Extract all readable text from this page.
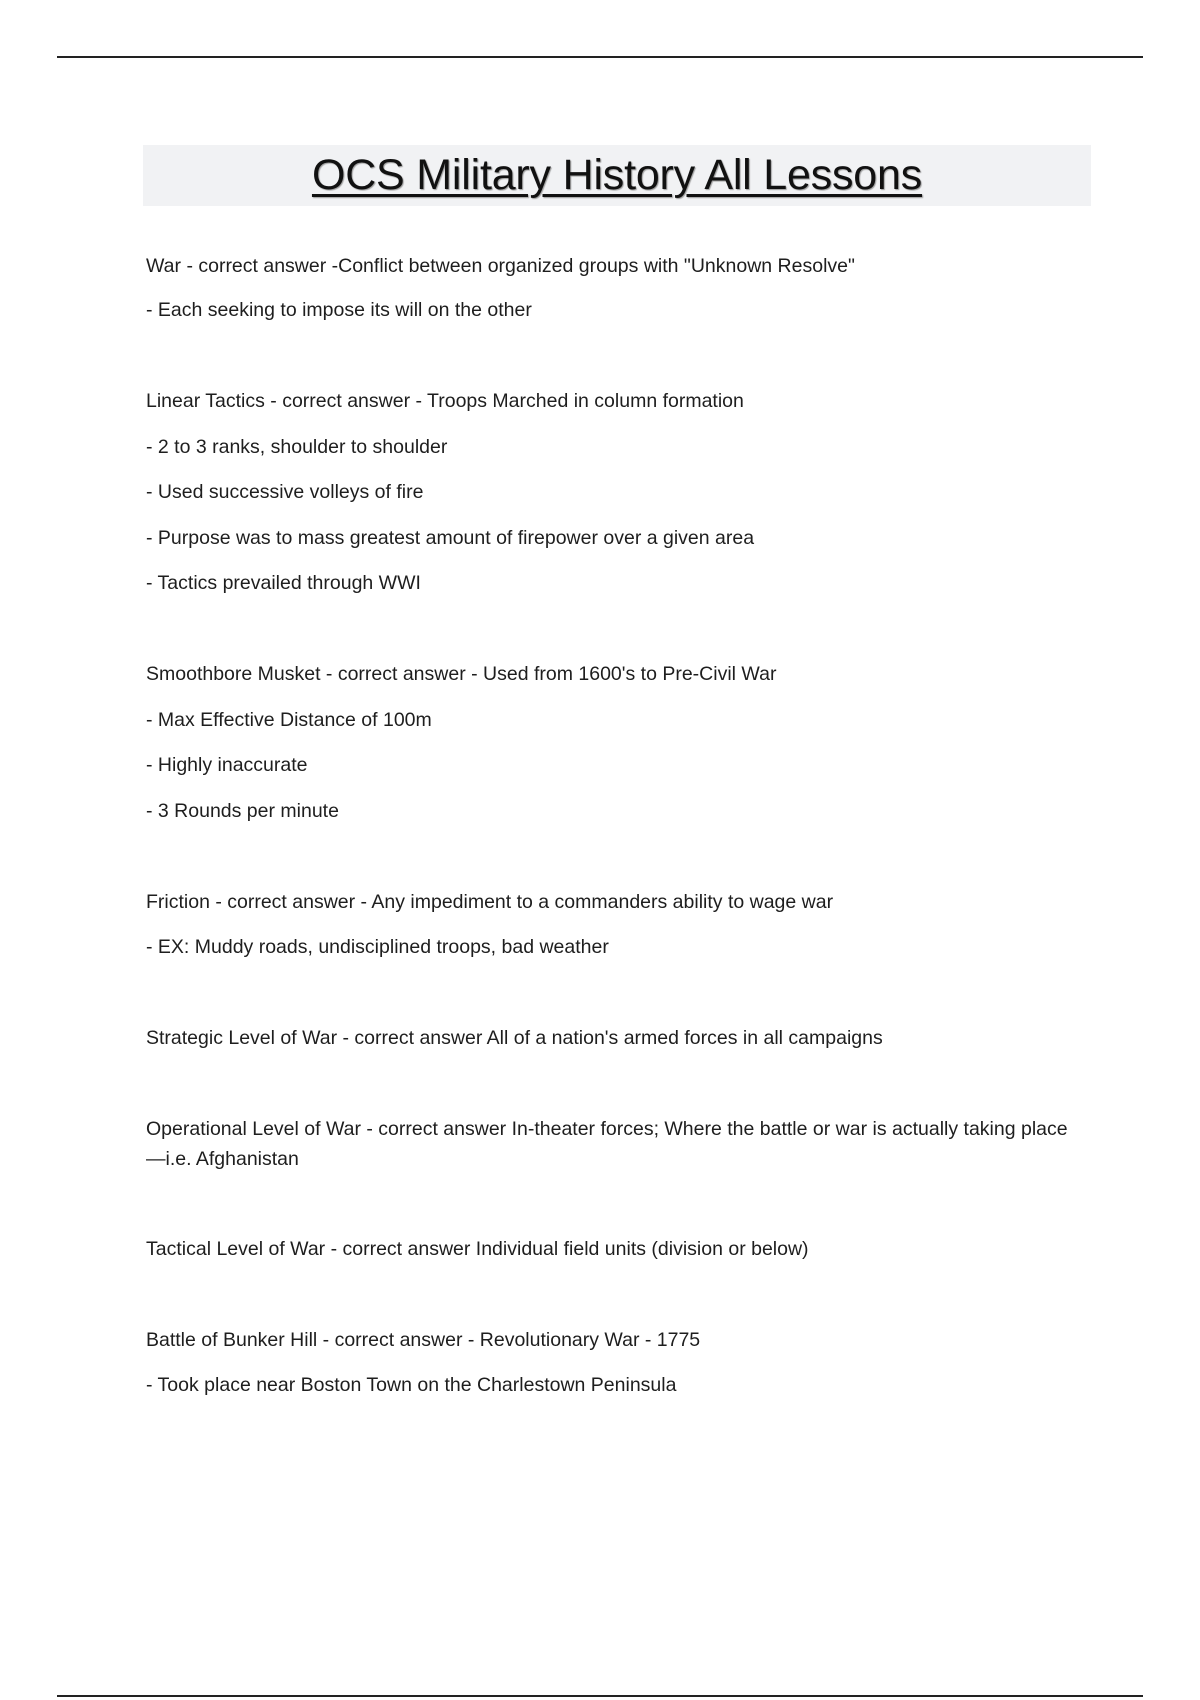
OCS Military History All Lessons
War - correct answer -Conflict between organized groups with "Unknown Resolve"
- Each seeking to impose its will on the other
Linear Tactics - correct answer - Troops Marched in column formation
- 2 to 3 ranks, shoulder to shoulder
- Used successive volleys of fire
- Purpose was to mass greatest amount of firepower over a given area
- Tactics prevailed through WWI
Smoothbore Musket - correct answer - Used from 1600's to Pre-Civil War
- Max Effective Distance of 100m
- Highly inaccurate
- 3 Rounds per minute
Friction - correct answer - Any impediment to a commanders ability to wage war
- EX: Muddy roads, undisciplined troops, bad weather
Strategic Level of War - correct answer All of a nation's armed forces in all campaigns
Operational Level of War - correct answer In-theater forces; Where the battle or war is actually taking place—i.e. Afghanistan
Tactical Level of War - correct answer Individual field units (division or below)
Battle of Bunker Hill - correct answer - Revolutionary War - 1775
- Took place near Boston Town on the Charlestown Peninsula
